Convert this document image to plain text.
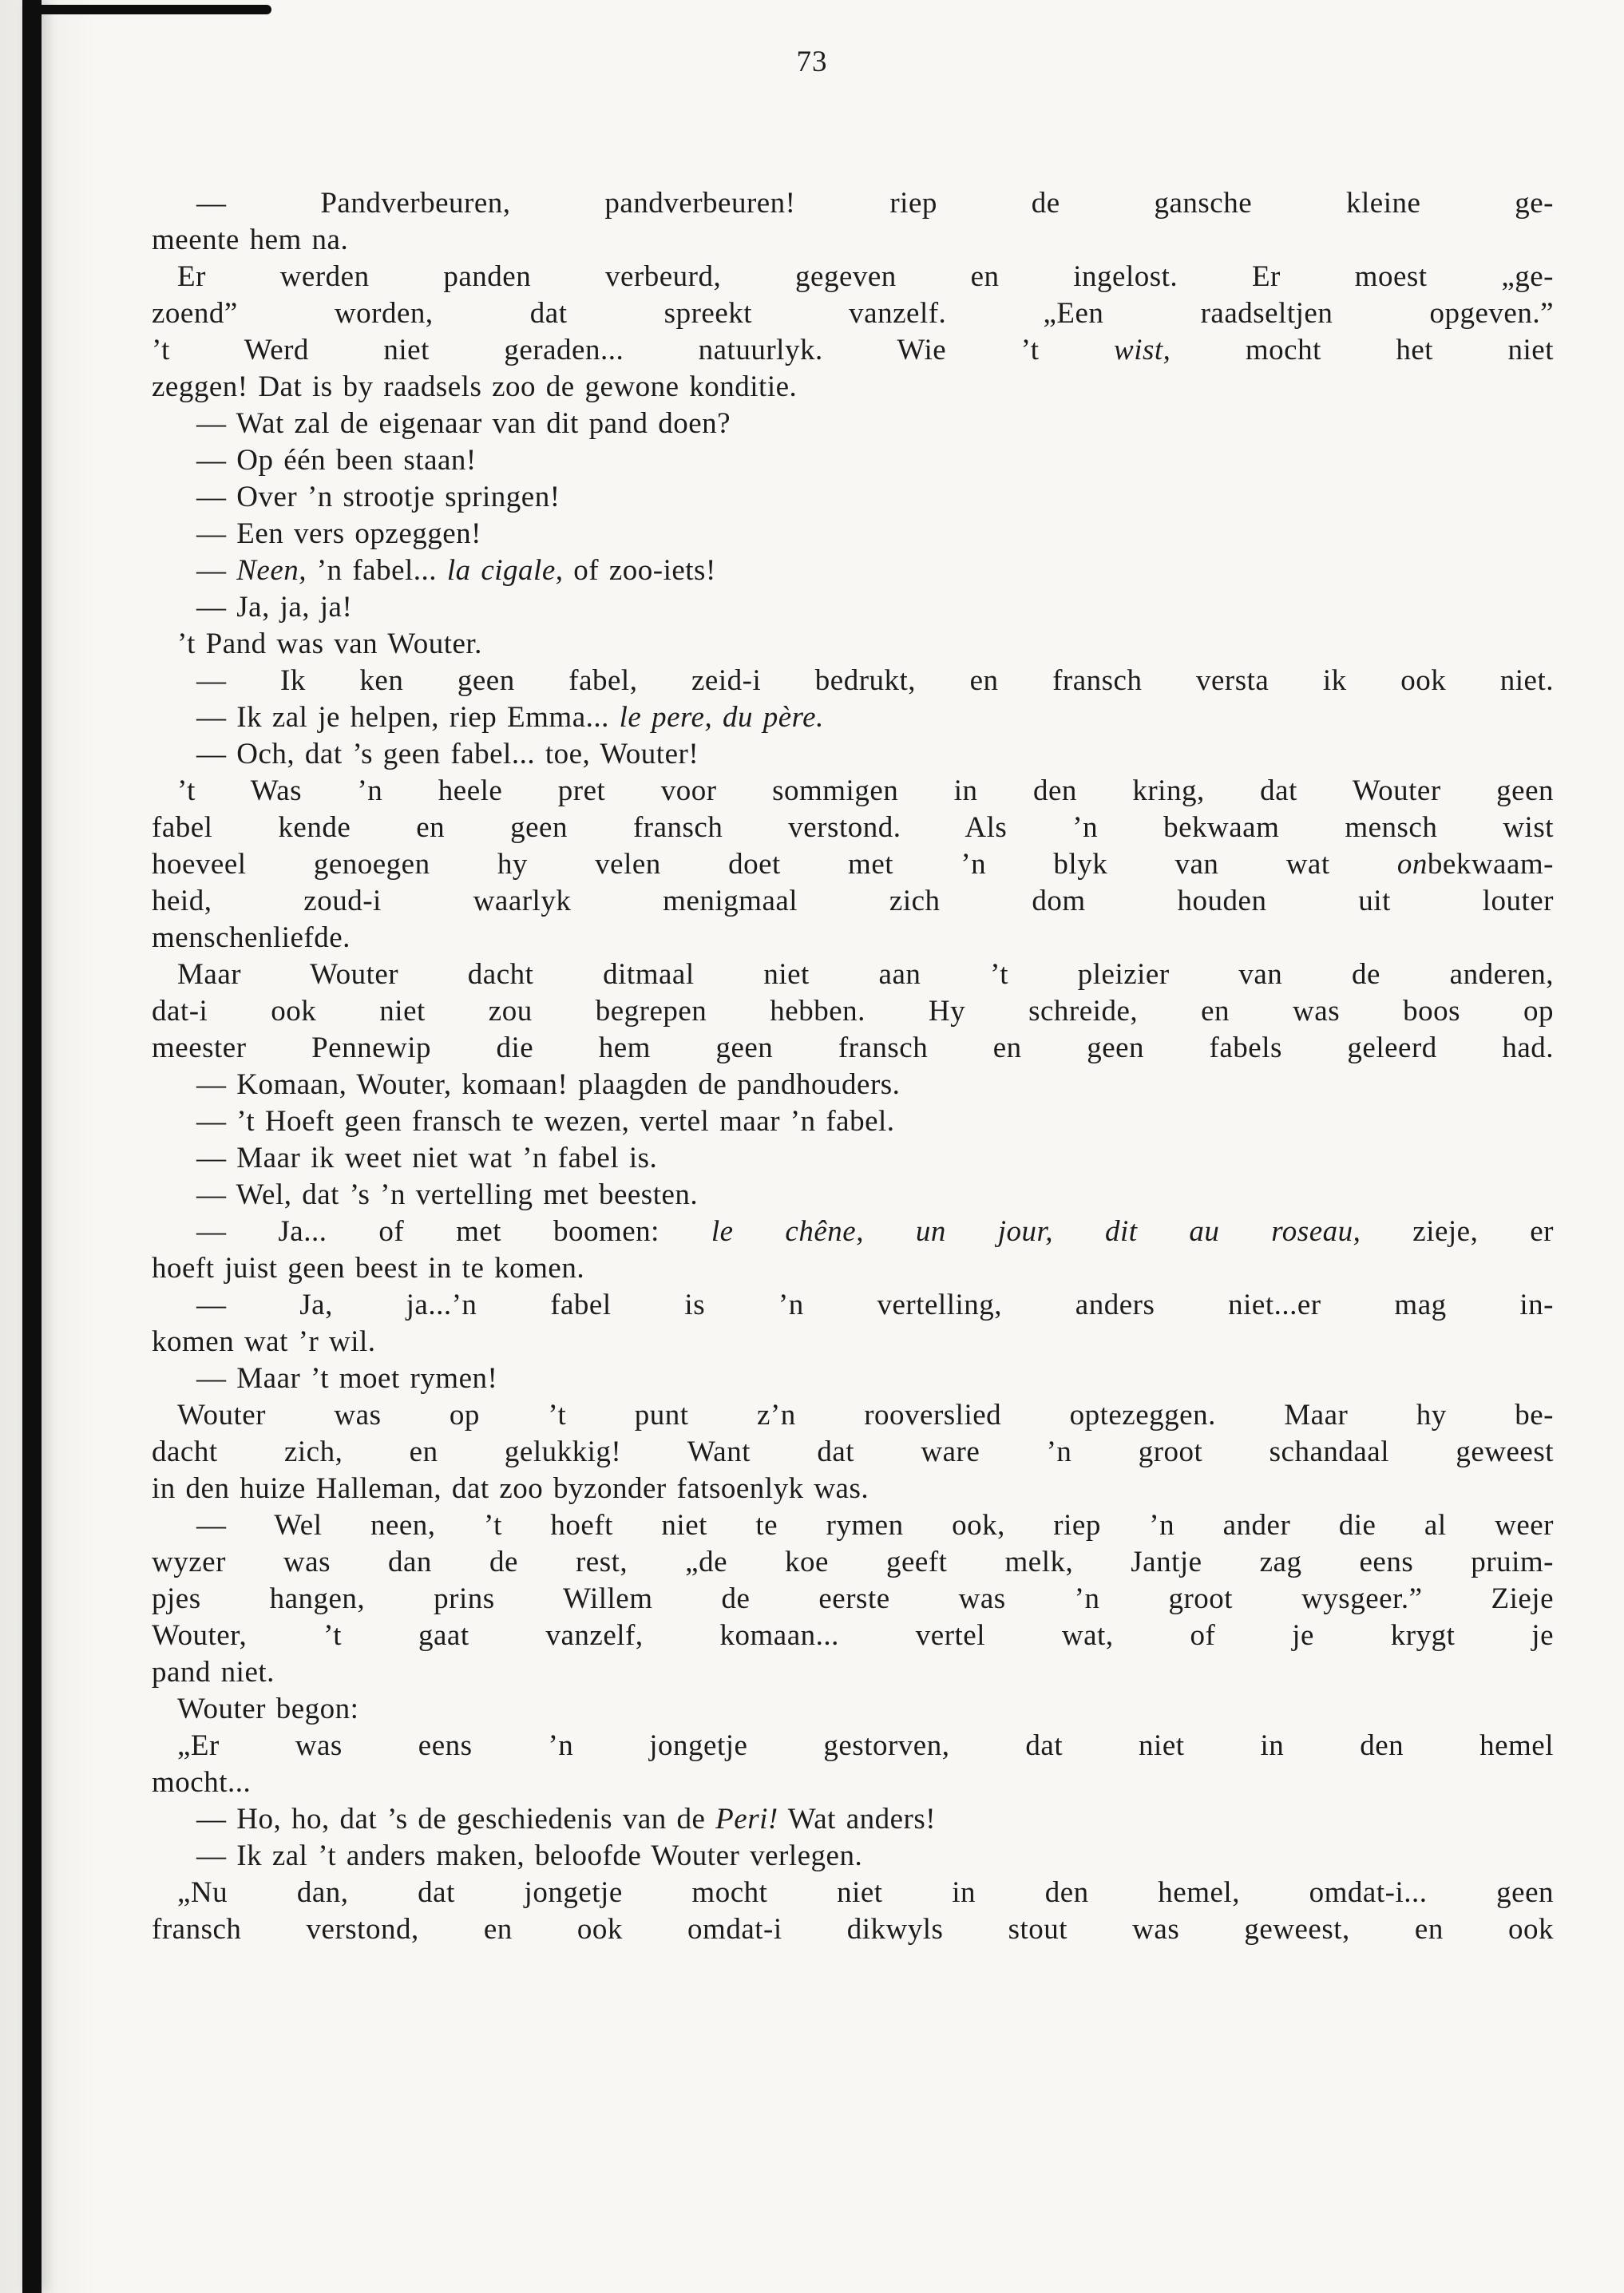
73
— Pandverbeuren, pandverbeuren! riep de gansche kleine ge-
meente hem na.
Er werden panden verbeurd, gegeven en ingelost. Er moest „ge-
zoend” worden, dat spreekt vanzelf. „Een raadseltjen opgeven.”
’t Werd niet geraden... natuurlyk. Wie ’t wist, mocht het niet
zeggen! Dat is by raadsels zoo de gewone konditie.
— Wat zal de eigenaar van dit pand doen?
— Op één been staan!
— Over ’n strootje springen!
— Een vers opzeggen!
— Neen, ’n fabel... la cigale, of zoo-iets!
— Ja, ja, ja!
’t Pand was van Wouter.
— Ik ken geen fabel, zeid-i bedrukt, en fransch versta ik ook niet.
— Ik zal je helpen, riep Emma... le pere, du père.
— Och, dat ’s geen fabel... toe, Wouter!
’t Was ’n heele pret voor sommigen in den kring, dat Wouter geen
fabel kende en geen fransch verstond. Als ’n bekwaam mensch wist
hoeveel genoegen hy velen doet met ’n blyk van wat onbekwaam-
heid, zoud-i waarlyk menigmaal zich dom houden uit louter
menschenliefde.
Maar Wouter dacht ditmaal niet aan ’t pleizier van de anderen,
dat-i ook niet zou begrepen hebben. Hy schreide, en was boos op
meester Pennewip die hem geen fransch en geen fabels geleerd had.
— Komaan, Wouter, komaan! plaagden de pandhouders.
— ’t Hoeft geen fransch te wezen, vertel maar ’n fabel.
— Maar ik weet niet wat ’n fabel is.
— Wel, dat ’s ’n vertelling met beesten.
— Ja... of met boomen: le chêne, un jour, dit au roseau, zieje, er
hoeft juist geen beest in te komen.
— Ja, ja...’n fabel is ’n vertelling, anders niet...er mag in-
komen wat ’r wil.
— Maar ’t moet rymen!
Wouter was op ’t punt z’n rooverslied optezeggen. Maar hy be-
dacht zich, en gelukkig! Want dat ware ’n groot schandaal geweest
in den huize Halleman, dat zoo byzonder fatsoenlyk was.
— Wel neen, ’t hoeft niet te rymen ook, riep ’n ander die al weer
wyzer was dan de rest, „de koe geeft melk, Jantje zag eens pruim-
pjes hangen, prins Willem de eerste was ’n groot wysgeer.” Zieje
Wouter, ’t gaat vanzelf, komaan... vertel wat, of je krygt je
pand niet.
Wouter begon:
„Er was eens ’n jongetje gestorven, dat niet in den hemel
mocht...
— Ho, ho, dat ’s de geschiedenis van de Peri! Wat anders!
— Ik zal ’t anders maken, beloofde Wouter verlegen.
„Nu dan, dat jongetje mocht niet in den hemel, omdat-i... geen
fransch verstond, en ook omdat-i dikwyls stout was geweest, en ook
